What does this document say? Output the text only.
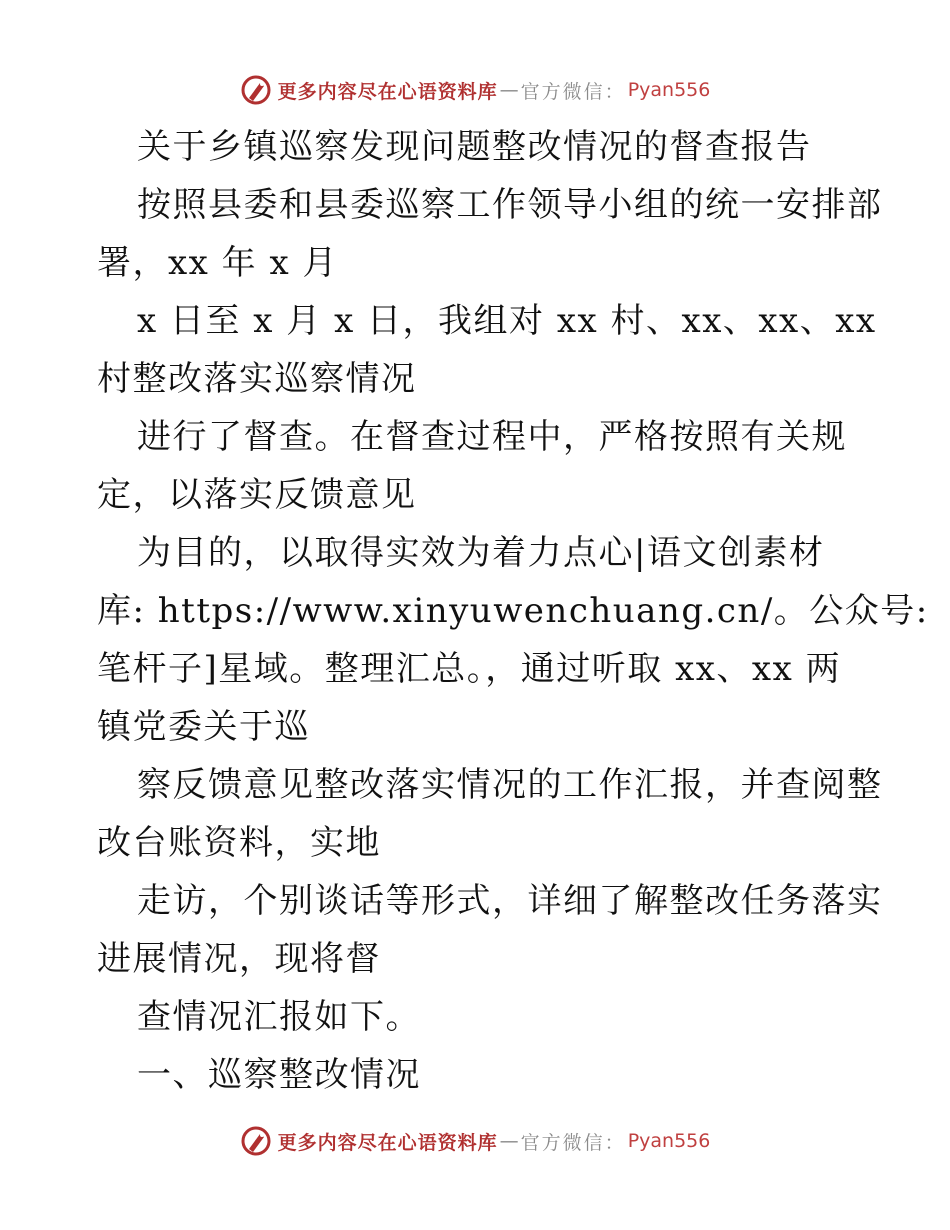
更多内容尽在心语资料库 — 官方微信： Pyan556
关于乡镇巡察发现问题整改情况的督查报告
按照县委和县委巡察工作领导小组的统一安排部
署，xx 年 x 月
x 日至 x 月 x 日，我组对 xx 村、xx、xx、xx
村整改落实巡察情况
进行了督查。在督查过程中，严格按照有关规
定，以落实反馈意见
为目的，以取得实效为着力点心|语文创素材
库: https://www.xinyuwenchuang.cn/。公众号:
笔杆子]星域。整理汇总。，通过听取 xx、xx 两
镇党委关于巡
察反馈意见整改落实情况的工作汇报，并查阅整
改台账资料，实地
走访，个别谈话等形式，详细了解整改任务落实
进展情况，现将督
查情况汇报如下。
一、巡察整改情况
更多内容尽在心语资料库 — 官方微信： Pyan556
